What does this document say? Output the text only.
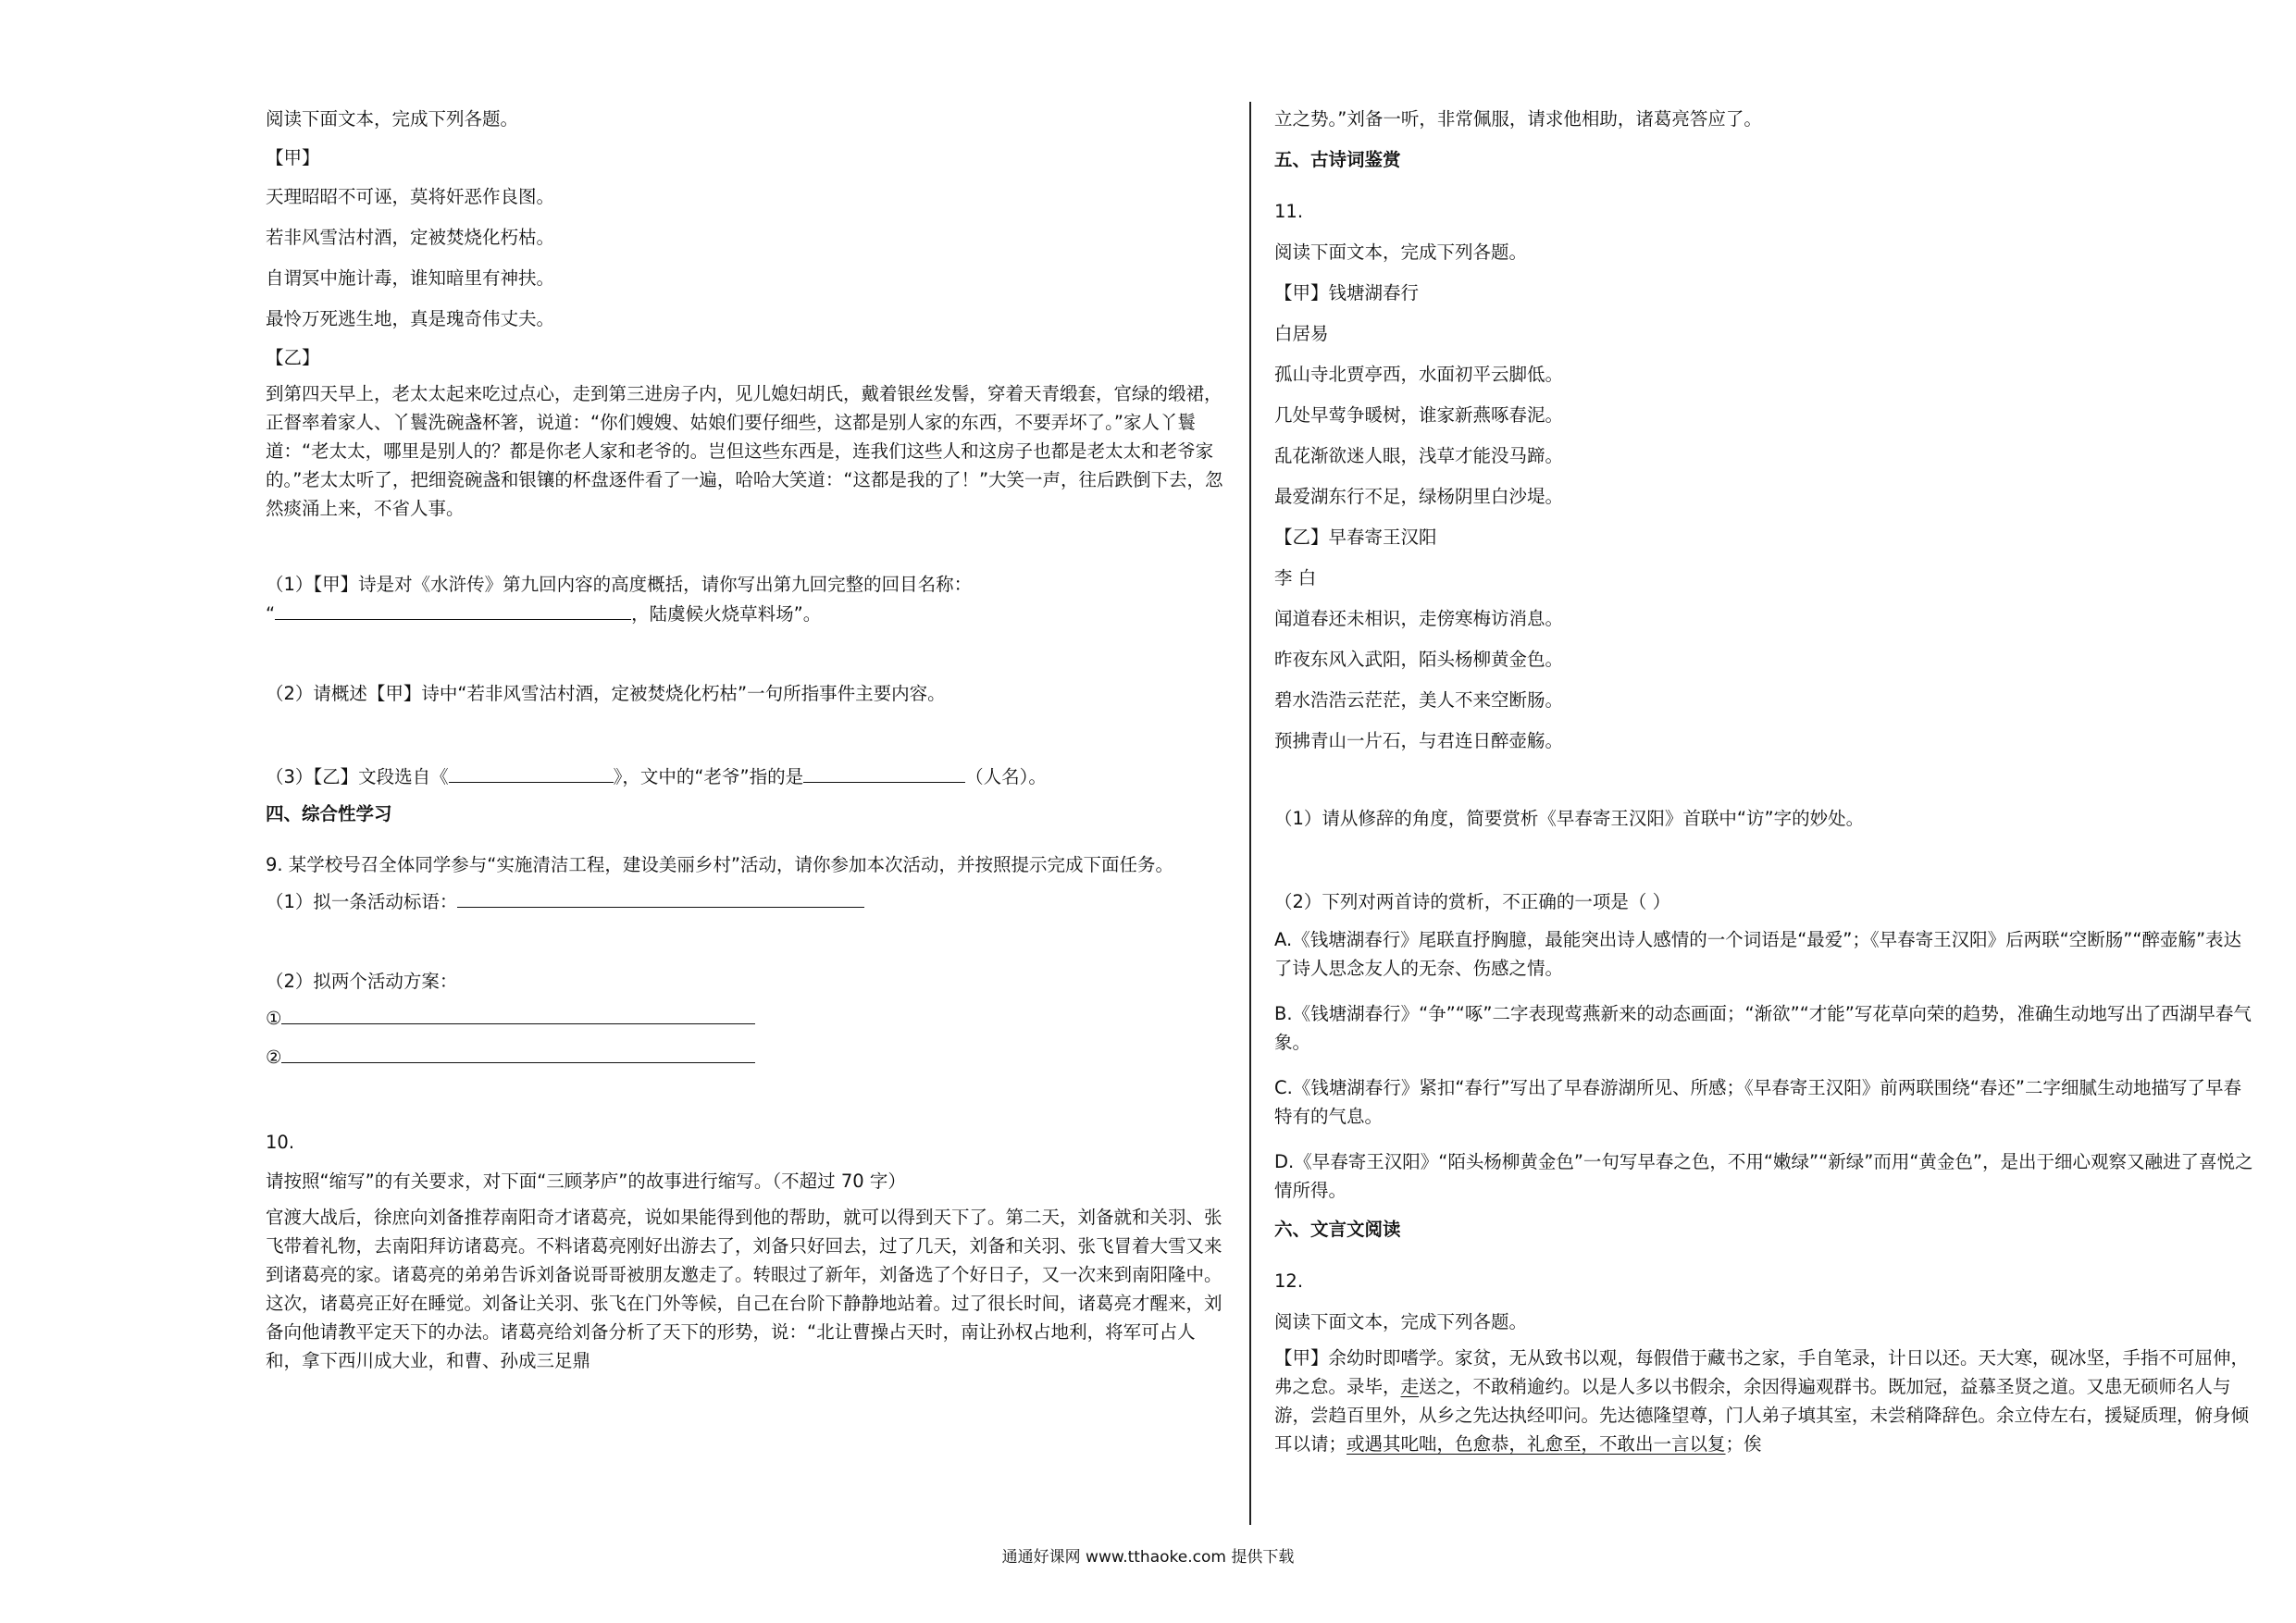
阅读下面文本，完成下列各题。

【甲】

天理昭昭不可诬，莫将奸恶作良图。

若非风雪沽村酒，定被焚烧化朽枯。

自谓冥中施计毒，谁知暗里有神扶。

最怜万死逃生地，真是瑰奇伟丈夫。

【乙】

到第四天早上，老太太起来吃过点心，走到第三进房子内，见儿媳妇胡氏，戴着银丝发髻，穿着天青缎套，官绿的缎裙，正督率着家人、丫鬟洗碗盏杯箸，说道：“你们嫂嫂、姑娘们要仔细些，这都是别人家的东西，不要弄坏了。”家人丫鬟道：“老太太，哪里是别人的？都是你老人家和老爷的。岂但这些东西是，连我们这些人和这房子也都是老太太和老爷家的。”老太太听了，把细瓷碗盏和银镶的杯盘逐件看了一遍，哈哈大笑道：“这都是我的了！”大笑一声，往后跌倒下去，忽然痰涌上来，不省人事。

（1）【甲】诗是对《水浒传》第九回内容的高度概括，请你写出第九回完整的回目名称：

“	，陆虞候火烧草料场”。

（2）请概述【甲】诗中“若非风雪沽村酒，定被焚烧化朽枯”一句所指事件主要内容。

（3）【乙】文段选自《	》，文中的“老爷”指的是	（人名）。

四、综合性学习

9. 某学校号召全体同学参与“实施清洁工程，建设美丽乡村”活动，请你参加本次活动，并按照提示完成下面任务。

（1）拟一条活动标语：

（2）拟两个活动方案：

①

②

10.

请按照“缩写”的有关要求，对下面“三顾茅庐”的故事进行缩写。（不超过 70 字）

官渡大战后，徐庶向刘备推荐南阳奇才诸葛亮，说如果能得到他的帮助，就可以得到天下了。第二天，刘备就和关羽、张飞带着礼物，去南阳拜访诸葛亮。不料诸葛亮刚好出游去了，刘备只好回去，过了几天，刘备和关羽、张飞冒着大雪又来到诸葛亮的家。诸葛亮的弟弟告诉刘备说哥哥被朋友邀走了。转眼过了新年，刘备选了个好日子，又一次来到南阳隆中。这次，诸葛亮正好在睡觉。刘备让关羽、张飞在门外等候，自己在台阶下静静地站着。过了很长时间，诸葛亮才醒来，刘备向他请教平定天下的办法。诸葛亮给刘备分析了天下的形势，说：“北让曹操占天时，南让孙权占地利，将军可占人和，拿下西川成大业，和曹、孙成三足鼎

立之势。”刘备一听，非常佩服，请求他相助，诸葛亮答应了。

五、古诗词鉴赏

11.

阅读下面文本，完成下列各题。

【甲】钱塘湖春行

白居易

孤山寺北贾亭西，水面初平云脚低。

几处早莺争暖树，谁家新燕啄春泥。

乱花渐欲迷人眼，浅草才能没马蹄。

最爱湖东行不足，绿杨阴里白沙堤。

【乙】早春寄王汉阳

李 白

闻道春还未相识，走傍寒梅访消息。

昨夜东风入武阳，陌头杨柳黄金色。

碧水浩浩云茫茫，美人不来空断肠。

预拂青山一片石，与君连日醉壶觞。

（1）请从修辞的角度，简要赏析《早春寄王汉阳》首联中“访”字的妙处。

（2）下列对两首诗的赏析，不正确的一项是（ ）

A.《钱塘湖春行》尾联直抒胸臆，最能突出诗人感情的一个词语是“最爱”；《早春寄王汉阳》后两联“空断肠”“醉壶觞”表达了诗人思念友人的无奈、伤感之情。

B.《钱塘湖春行》“争”“啄”二字表现莺燕新来的动态画面；“渐欲”“才能”写花草向荣的趋势，准确生动地写出了西湖早春气象。

C.《钱塘湖春行》紧扣“春行”写出了早春游湖所见、所感；《早春寄王汉阳》前两联围绕“春还”二字细腻生动地描写了早春特有的气息。

D.《早春寄王汉阳》“陌头杨柳黄金色”一句写早春之色，不用“嫩绿”“新绿”而用“黄金色”，是出于细心观察又融进了喜悦之情所得。

六、文言文阅读

12.

阅读下面文本，完成下列各题。

【甲】余幼时即嗜学。家贫，无从致书以观，每假借于藏书之家，手自笔录，计日以还。天大寒，砚冰坚，手指不可屈伸，弗之怠。录毕，走送之，不敢稍逾约。以是人多以书假余，余因得遍观群书。既加冠，益慕圣贤之道。又患无硕师名人与游，尝趋百里外，从乡之先达执经叩问。先达德隆望尊，门人弟子填其室，未尝稍降辞色。余立侍左右，援疑质理，俯身倾耳以请；或遇其叱咄，色愈恭，礼愈至，不敢出一言以复；俟

通通好课网 www.tthaoke.com 提供下载
